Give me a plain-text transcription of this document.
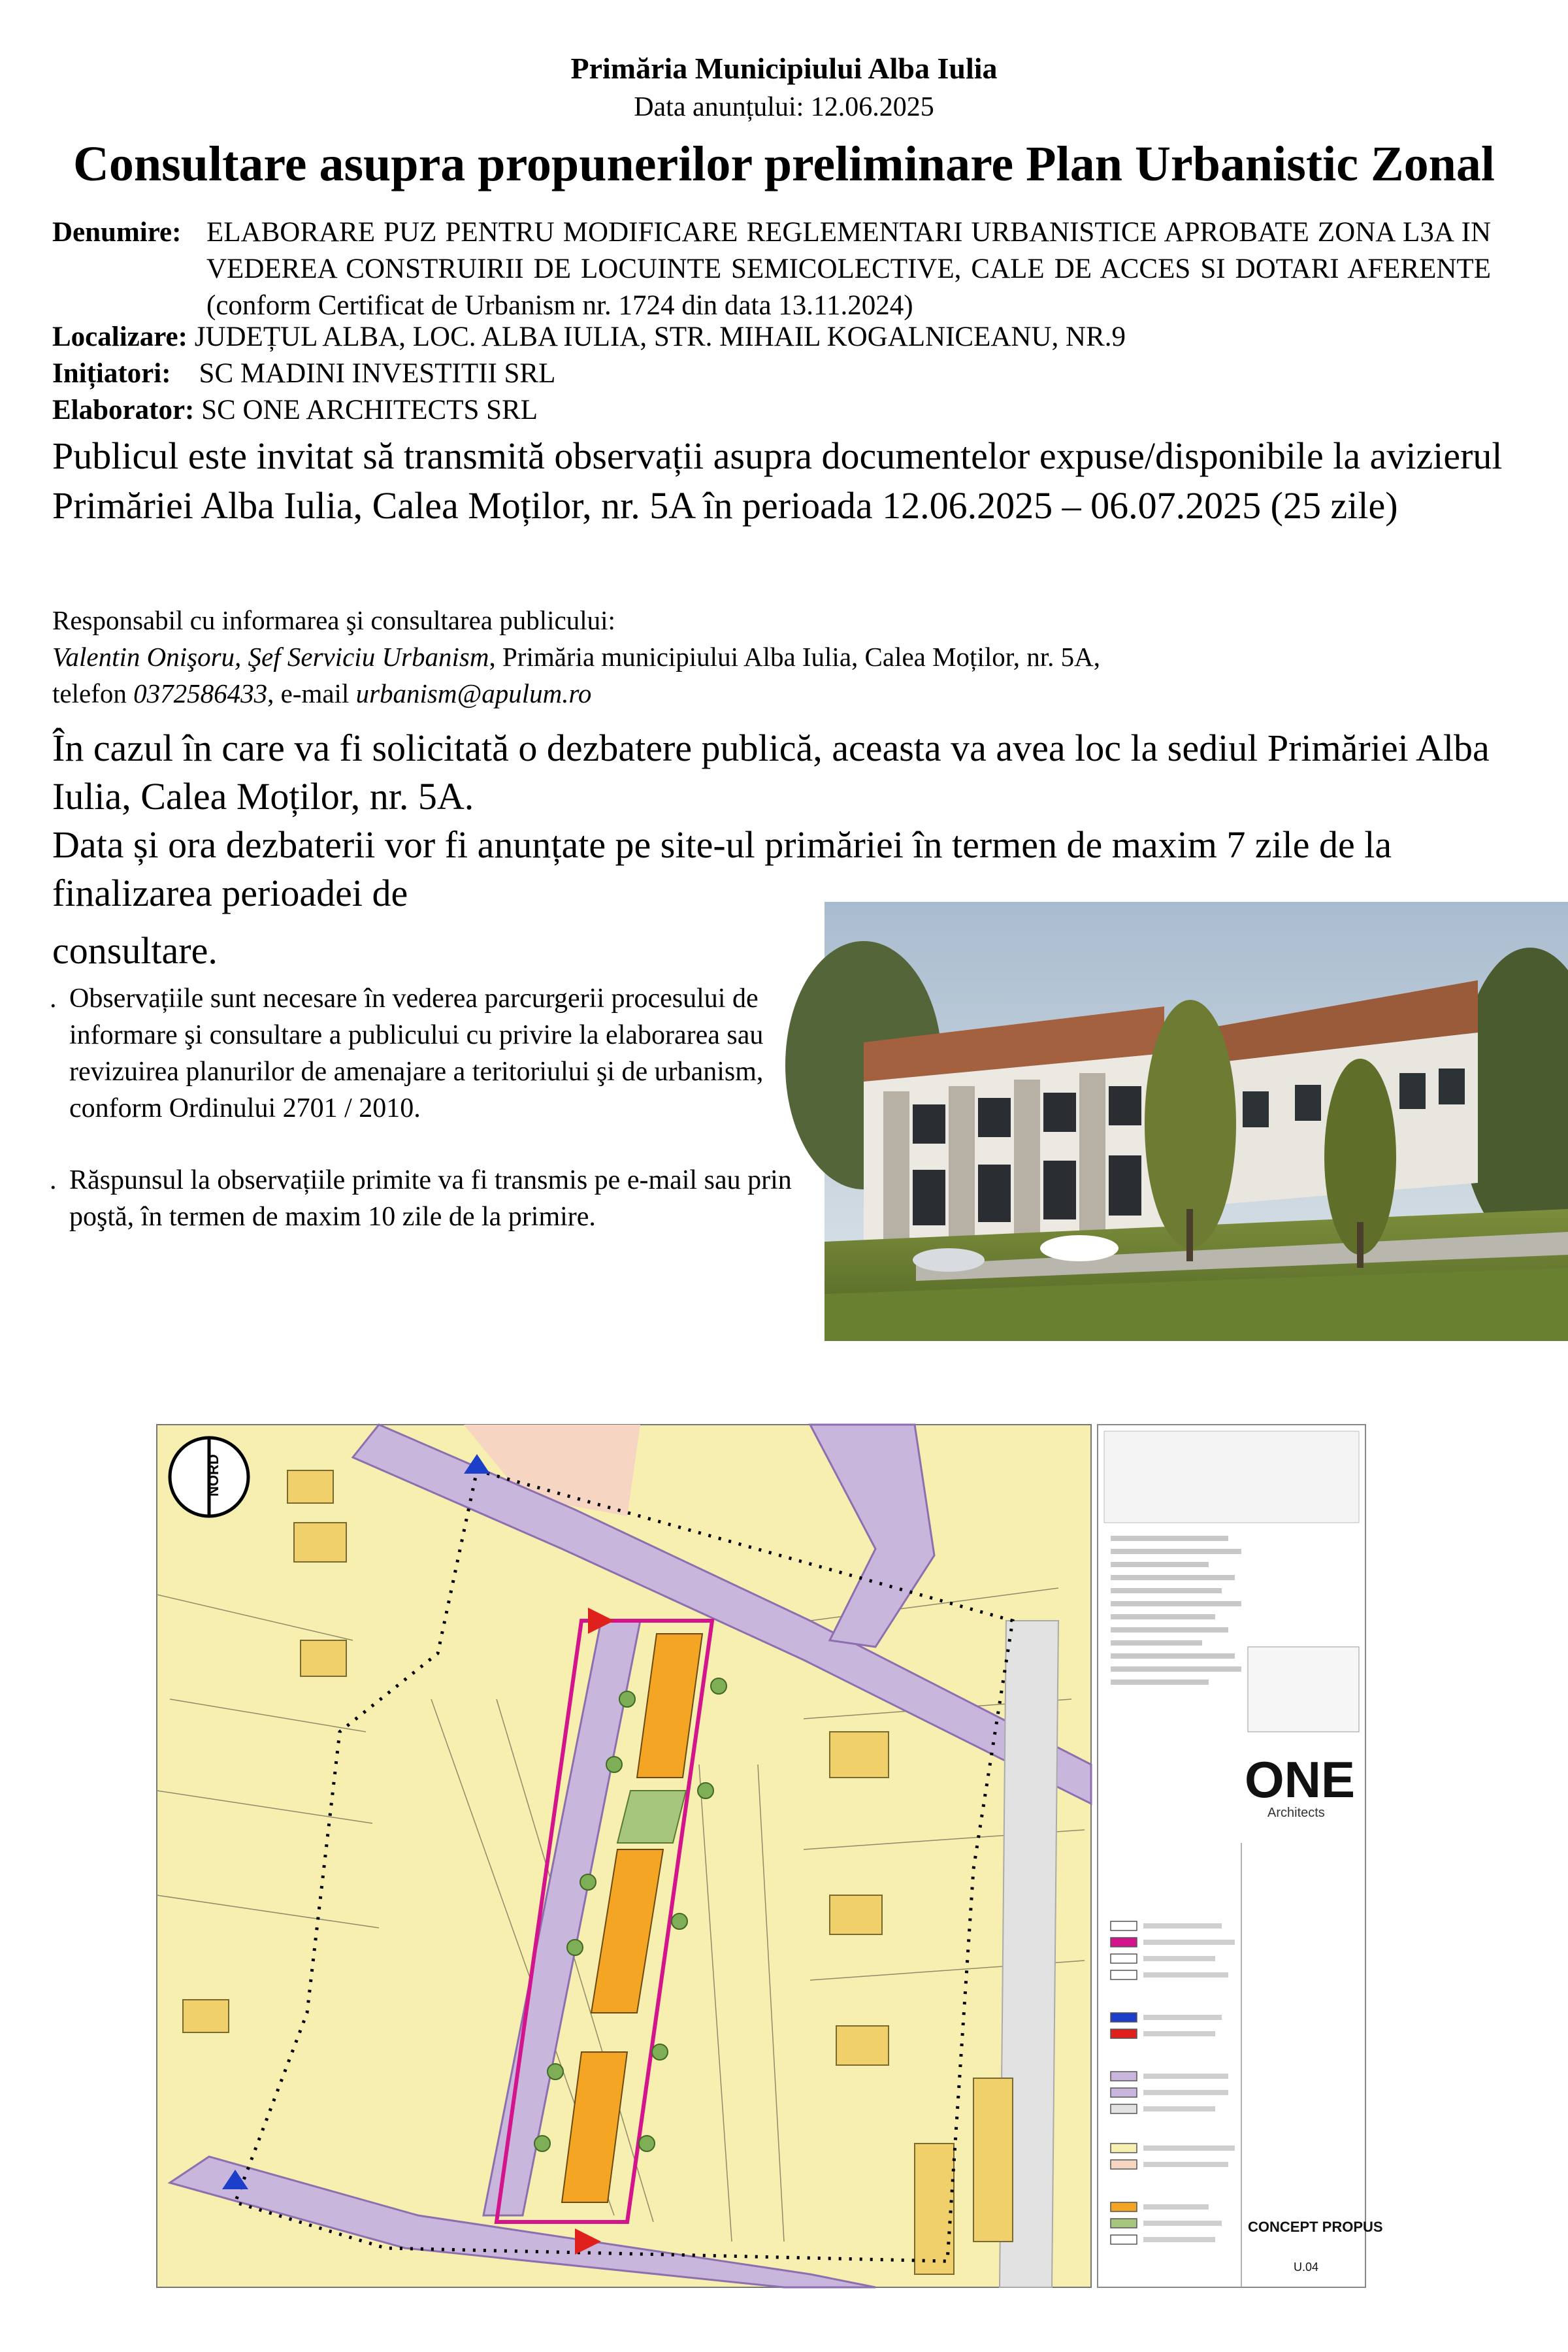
Primăria Municipiului Alba Iulia
Data anunțului: 12.06.2025
Consultare asupra propunerilor preliminare Plan Urbanistic Zonal
Denumire: ELABORARE PUZ PENTRU MODIFICARE REGLEMENTARI URBANISTICE APROBATE ZONA L3A IN VEDEREA CONSTRUIRII DE LOCUINTE SEMICOLECTIVE, CALE DE ACCES SI DOTARI AFERENTE (conform Certificat de Urbanism nr. 1724 din data 13.11.2024)
Localizare: JUDEȚUL ALBA, LOC. ALBA IULIA, STR. MIHAIL KOGALNICEANU, NR.9
Inițiatori:    SC MADINI INVESTITII SRL
Elaborator: SC ONE ARCHITECTS SRL
Publicul este invitat să transmită observații asupra documentelor expuse/disponibile la avizierul Primăriei Alba Iulia, Calea Moților, nr. 5A în perioada 12.06.2025 – 06.07.2025 (25 zile)
Responsabil cu informarea şi consultarea publicului:
Valentin Onişoru, Şef Serviciu Urbanism, Primăria municipiului Alba Iulia, Calea Moților, nr. 5A,
telefon 0372586433, e-mail urbanism@apulum.ro
În cazul în care va fi solicitată o dezbatere publică, aceasta va avea loc la sediul Primăriei Alba Iulia, Calea Moților, nr. 5A.
Data și ora dezbaterii vor fi anunțate pe site-ul primăriei în termen de maxim 7 zile de la finalizarea perioadei de
consultare.
. Observațiile sunt necesare în vederea parcurgerii procesului de informare şi consultare a publicului cu privire la elaborarea sau revizuirea planurilor de amenajare a teritoriului şi de urbanism, conform Ordinului 2701 / 2010.
. Răspunsul la observațiile primite va fi transmis pe e-mail sau prin poştă, în termen de maxim 10 zile de la primire.
NORD
ONE
Architects
CONCEPT PROPUS
U.04
